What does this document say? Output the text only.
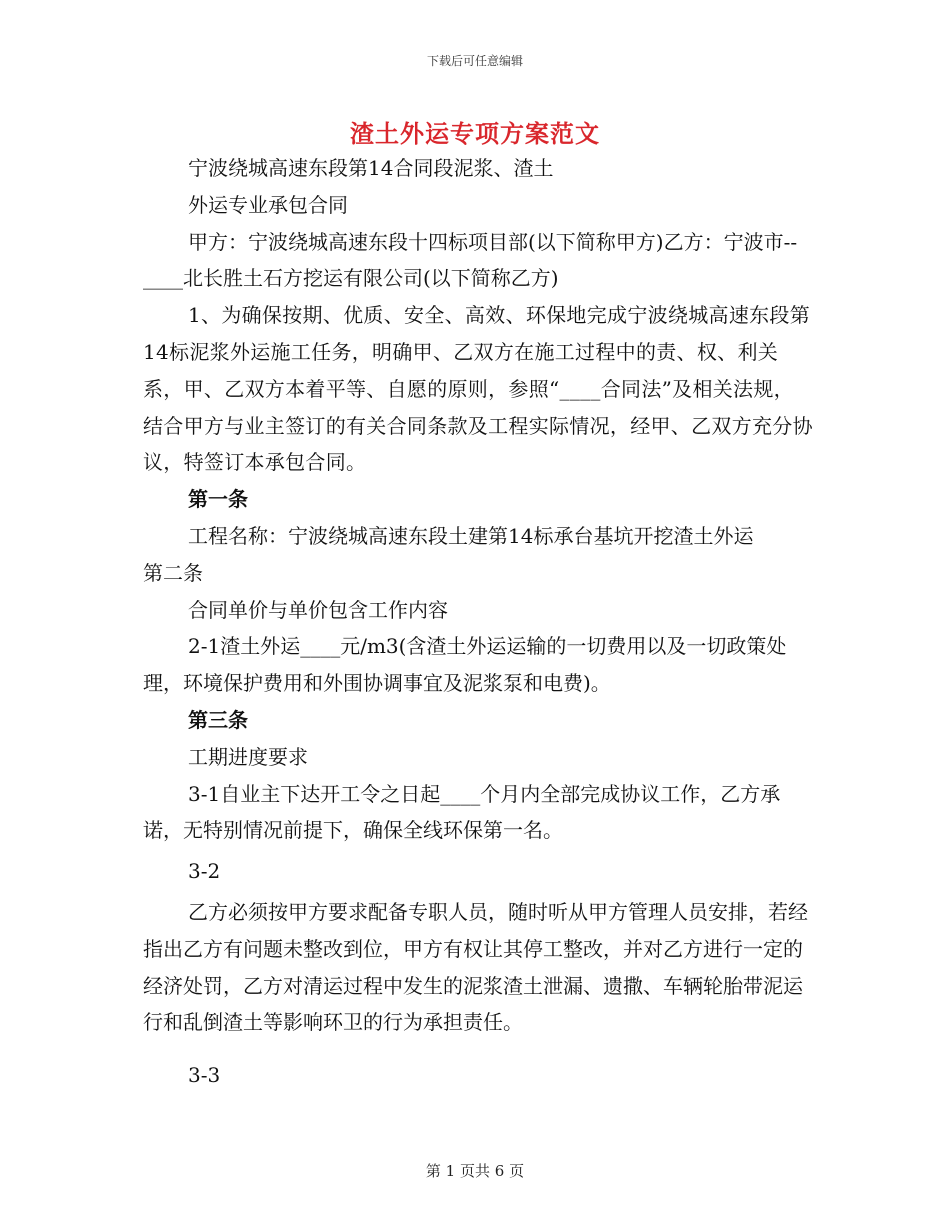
下载后可任意编辑
渣土外运专项方案范文

宁波绕城高速东段第14合同段泥浆、渣土

外运专业承包合同

甲方：宁波绕城高速东段十四标项目部(以下简称甲方)乙方：宁波市--____北长胜土石方挖运有限公司(以下简称乙方)

1、为确保按期、优质、安全、高效、环保地完成宁波绕城高速东段第14标泥浆外运施工任务，明确甲、乙双方在施工过程中的责、权、利关系，甲、乙双方本着平等、自愿的原则，参照“____合同法”及相关法规，结合甲方与业主签订的有关合同条款及工程实际情况，经甲、乙双方充分协议，特签订本承包合同。

第一条

工程名称：宁波绕城高速东段土建第14标承台基坑开挖渣土外运

第二条

合同单价与单价包含工作内容

2-1渣土外运____元/m3(含渣土外运运输的一切费用以及一切政策处理，环境保护费用和外围协调事宜及泥浆泵和电费)。

第三条

工期进度要求

3-1自业主下达开工令之日起____个月内全部完成协议工作，乙方承诺，无特别情况前提下，确保全线环保第一名。

3-2

乙方必须按甲方要求配备专职人员，随时听从甲方管理人员安排，若经指出乙方有问题未整改到位，甲方有权让其停工整改，并对乙方进行一定的经济处罚，乙方对清运过程中发生的泥浆渣土泄漏、遗撒、车辆轮胎带泥运行和乱倒渣土等影响环卫的行为承担责任。

3-3

第 1 页共 6 页
